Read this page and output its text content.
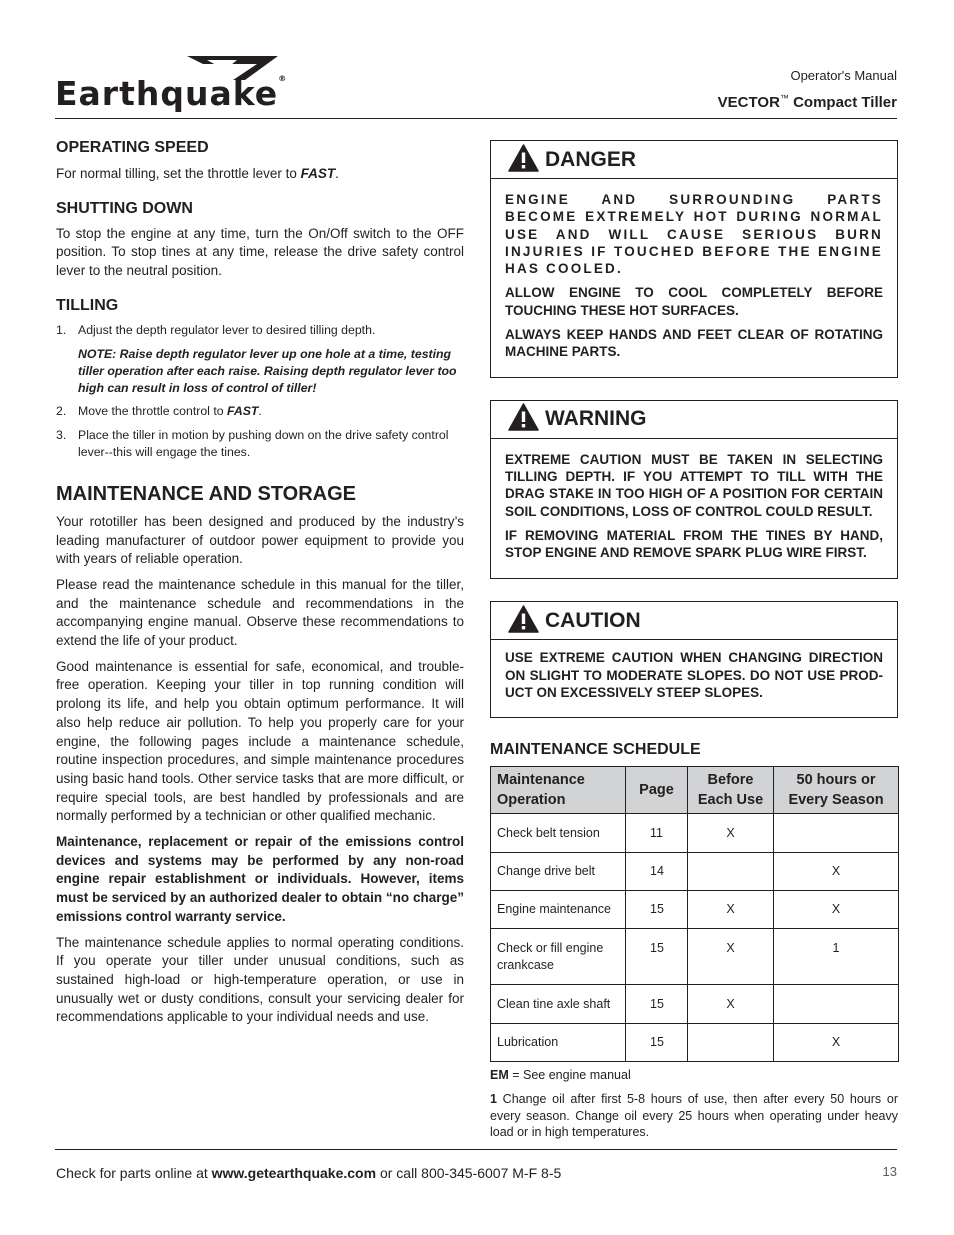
Earthquake®	Operator's Manual
VECTOR™ Compact Tiller
OPERATING SPEED
For normal tilling, set the throttle lever to FAST.
SHUTTING DOWN
To stop the engine at any time, turn the On/Off switch to the OFF position. To stop tines at any time, release the drive safety control lever to the neutral position.
TILLING
1. Adjust the depth regulator lever to desired tilling depth.
NOTE: Raise depth regulator lever up one hole at a time, testing tiller operation after each raise. Raising depth regulator lever too high can result in loss of control of tiller!
2. Move the throttle control to FAST.
3. Place the tiller in motion by pushing down on the drive safety control lever--this will engage the tines.
MAINTENANCE AND STORAGE
Your rototiller has been designed and produced by the industry’s leading manufacturer of outdoor power equipment to provide you with years of reliable operation.
Please read the maintenance schedule in this manual for the tiller, and the maintenance schedule and recommendations in the accompanying engine manual. Observe these recommendations to extend the life of your product.
Good maintenance is essential for safe, economical, and trouble-free operation. Keeping your tiller in top running condition will prolong its life, and help you obtain optimum performance. It will also help reduce air pollution. To help you properly care for your engine, the following pages include a maintenance schedule, routine inspection procedures, and simple maintenance procedures using basic hand tools. Other service tasks that are more difficult, or require special tools, are best handled by professionals and are normally performed by a technician or other qualified mechanic.
Maintenance, replacement or repair of the emissions control devices and systems may be performed by any non-road engine repair establishment or individuals. However, items must be serviced by an authorized dealer to obtain “no charge” emissions control warranty service.
The maintenance schedule applies to normal operating conditions. If you operate your tiller under unusual conditions, such as sustained high-load or high-temperature operation, or use in unusually wet or dusty conditions, consult your servicing dealer for recommendations applicable to your individual needs and use.
DANGER

ENGINE AND SURROUNDING PARTS BECOME EXTREMELY HOT DURING NORMAL USE AND WILL CAUSE SERIOUS BURN INJURIES IF TOUCHED BEFORE THE ENGINE HAS COOLED.

ALLOW ENGINE TO COOL COMPLETELY BEFORE TOUCHING THESE HOT SURFACES.

ALWAYS KEEP HANDS AND FEET CLEAR OF ROTATING MACHINE PARTS.

WARNING

EXTREME CAUTION MUST BE TAKEN IN SELECTING TILLING DEPTH. IF YOU ATTEMPT TO TILL WITH THE DRAG STAKE IN TOO HIGH OF A POSITION FOR CERTAIN SOIL CONDITIONS, LOSS OF CONTROL COULD RESULT.

IF REMOVING MATERIAL FROM THE TINES BY HAND, STOP ENGINE AND REMOVE SPARK PLUG WIRE FIRST.

CAUTION

USE EXTREME CAUTION WHEN CHANGING DIRECTION ON SLIGHT TO MODERATE SLOPES. DO NOT USE PROD-UCT ON EXCESSIVELY STEEP SLOPES.

MAINTENANCE SCHEDULE
Maintenance Operation	Page	Before Each Use	50 hours or Every Season
Check belt tension	11	X	
Change drive belt	14		X
Engine maintenance	15	X	X
Check or fill engine crankcase	15	X	1
Clean tine axle shaft	15	X	
Lubrication	15		X
EM = See engine manual
1 Change oil after first 5-8 hours of use, then after every 50 hours or every season. Change oil every 25 hours when operating under heavy load or in high temperatures.
Check for parts online at www.getearthquake.com or call 800-345-6007 M-F 8-5	13
